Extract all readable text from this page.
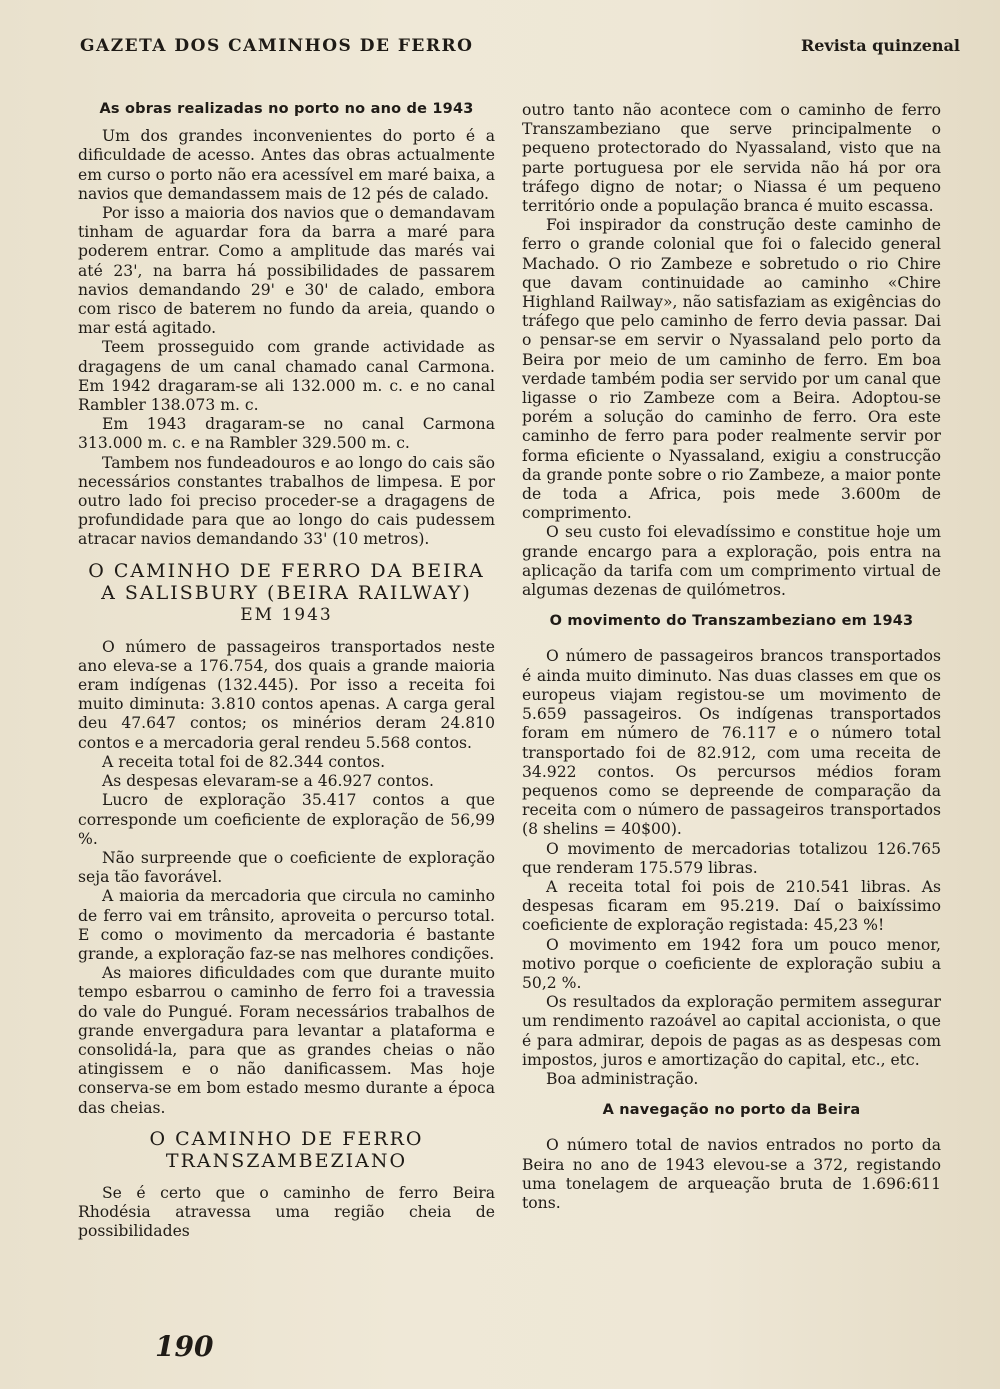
GAZETA DOS CAMINHOS DE FERRO	Revista quinzenal
As obras realizadas no porto no ano de 1943

Um dos grandes inconvenientes do porto é a dificuldade de acesso. Antes das obras actualmente em curso o porto não era acessível em maré baixa, a navios que demandassem mais de 12 pés de calado.

Por isso a maioria dos navios que o demandavam tinham de aguardar fora da barra a maré para poderem entrar. Como a amplitude das marés vai até 23', na barra há possibilidades de passarem navios demandando 29' e 30' de calado, embora com risco de baterem no fundo da areia, quando o mar está agitado.

Teem prosseguido com grande actividade as dragagens de um canal chamado canal Carmona. Em 1942 dragaram-se ali 132.000 m. c. e no canal Rambler 138.073 m. c.

Em 1943 dragaram-se no canal Carmona 313.000 m. c. e na Rambler 329.500 m. c.

Tambem nos fundeadouros e ao longo do cais são necessários constantes trabalhos de limpesa. E por outro lado foi preciso proceder-se a dragagens de profundidade para que ao longo do cais pudessem atracar navios demandando 33' (10 metros).

O CAMINHO DE FERRO DA BEIRA
A SALISBURY (BEIRA RAILWAY)

EM 1943

O número de passageiros transportados neste ano eleva-se a 176.754, dos quais a grande maioria eram indígenas (132.445). Por isso a receita foi muito diminuta: 3.810 contos apenas. A carga geral deu 47.647 contos; os minérios deram 24.810 contos e a mercadoria geral rendeu 5.568 contos.

A receita total foi de 82.344 contos.

As despesas elevaram-se a 46.927 contos.

Lucro de exploração 35.417 contos a que corresponde um coeficiente de exploração de 56,99 %.

Não surpreende que o coeficiente de exploração seja tão favorável.

A maioria da mercadoria que circula no caminho de ferro vai em trânsito, aproveita o percurso total. E como o movimento da mercadoria é bastante grande, a exploração faz-se nas melhores condições.

As maiores dificuldades com que durante muito tempo esbarrou o caminho de ferro foi a travessia do vale do Pungué. Foram necessários trabalhos de grande envergadura para levantar a plataforma e consolidá-la, para que as grandes cheias o não atingissem e o não danificassem. Mas hoje conserva-se em bom estado mesmo durante a época das cheias.

O CAMINHO DE FERRO
TRANSZAMBEZIANO

Se é certo que o caminho de ferro Beira Rhodésia atravessa uma região cheia de possibilidades

outro tanto não acontece com o caminho de ferro Transzambeziano que serve principalmente o pequeno protectorado do Nyassaland, visto que na parte portuguesa por ele servida não há por ora tráfego digno de notar; o Niassa é um pequeno território onde a população branca é muito escassa.

Foi inspirador da construção deste caminho de ferro o grande colonial que foi o falecido general Machado. O rio Zambeze e sobretudo o rio Chire que davam continuidade ao caminho «Chire Highland Railway», não satisfaziam as exigências do tráfego que pelo caminho de ferro devia passar. Dai o pensar-se em servir o Nyassaland pelo porto da Beira por meio de um caminho de ferro. Em boa verdade também podia ser servido por um canal que ligasse o rio Zambeze com a Beira. Adoptou-se porém a solução do caminho de ferro. Ora este caminho de ferro para poder realmente servir por forma eficiente o Nyassaland, exigiu a construcção da grande ponte sobre o rio Zambeze, a maior ponte de toda a Africa, pois mede 3.600m de comprimento.

O seu custo foi elevadíssimo e constitue hoje um grande encargo para a exploração, pois entra na aplicação da tarifa com um comprimento virtual de algumas dezenas de quilómetros.

O movimento do Transzambeziano em 1943

O número de passageiros brancos transportados é ainda muito diminuto. Nas duas classes em que os europeus viajam registou-se um movimento de 5.659 passageiros. Os indígenas transportados foram em número de 76.117 e o número total transportado foi de 82.912, com uma receita de 34.922 contos. Os percursos médios foram pequenos como se depreende de comparação da receita com o número de passageiros transportados (8 shelins = 40$00).

O movimento de mercadorias totalizou 126.765 que renderam 175.579 libras.

A receita total foi pois de 210.541 libras. As despesas ficaram em 95.219. Daí o baixíssimo coeficiente de exploração registada: 45,23 %!

O movimento em 1942 fora um pouco menor, motivo porque o coeficiente de exploração subiu a 50,2 %.

Os resultados da exploração permitem assegurar um rendimento razoável ao capital accionista, o que é para admirar, depois de pagas as as despesas com impostos, juros e amortização do capital, etc., etc.

Boa administração.

A navegação no porto da Beira

O número total de navios entrados no porto da Beira no ano de 1943 elevou-se a 372, registando uma tonelagem de arqueação bruta de 1.696:611 tons.

190
